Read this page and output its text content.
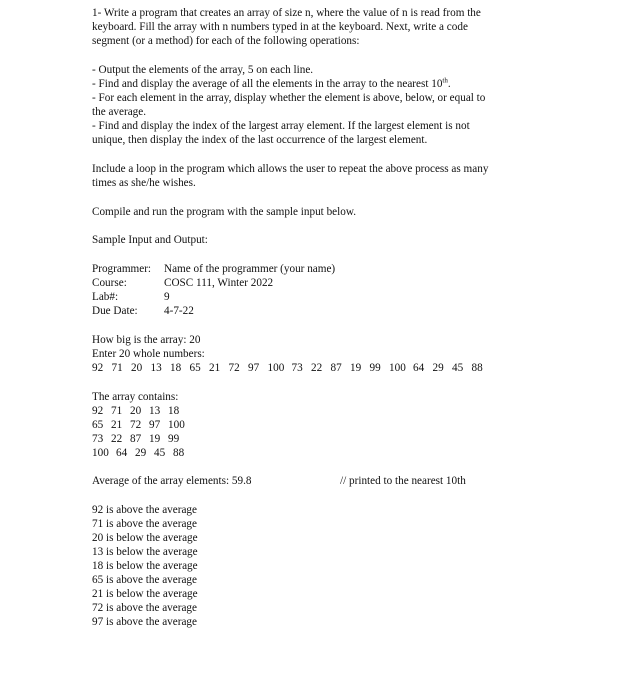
1- Write a program that creates an array of size n, where the value of n is read from the

keyboard. Fill the array with n numbers typed in at the keyboard. Next, write a code

segment (or a method) for each of the following operations:

- Output the elements of the array, 5 on each line.

- Find and display the average of all the elements in the array to the nearest 10th.

- For each element in the array, display whether the element is above, below, or equal to

the average.

- Find and display the index of the largest array element. If the largest element is not

unique, then display the index of the last occurrence of the largest element.

Include a loop in the program which allows the user to repeat the above process as many

times as she/he wishes.

Compile and run the program with the sample input below.

Sample Input and Output:

Programmer:	Name of the programmer (your name)
Course:	COSC 111, Winter 2022
Lab#:	9
Due Date:	4-7-22

How big is the array: 20

Enter 20 whole numbers:

92 71 20 13 18 65 21 72 97 100 73 22 87 19 99 100 64 29 45 88

The array contains:

92 71 20 13 18

65 21 72 97 100

73 22 87 19 99

100 64 29 45 88

Average of the array elements: 59.8	// printed to the nearest 10th

92 is above the average

71 is above the average

20 is below the average

13 is below the average

18 is below the average

65 is above the average

21 is below the average

72 is above the average

97 is above the average
